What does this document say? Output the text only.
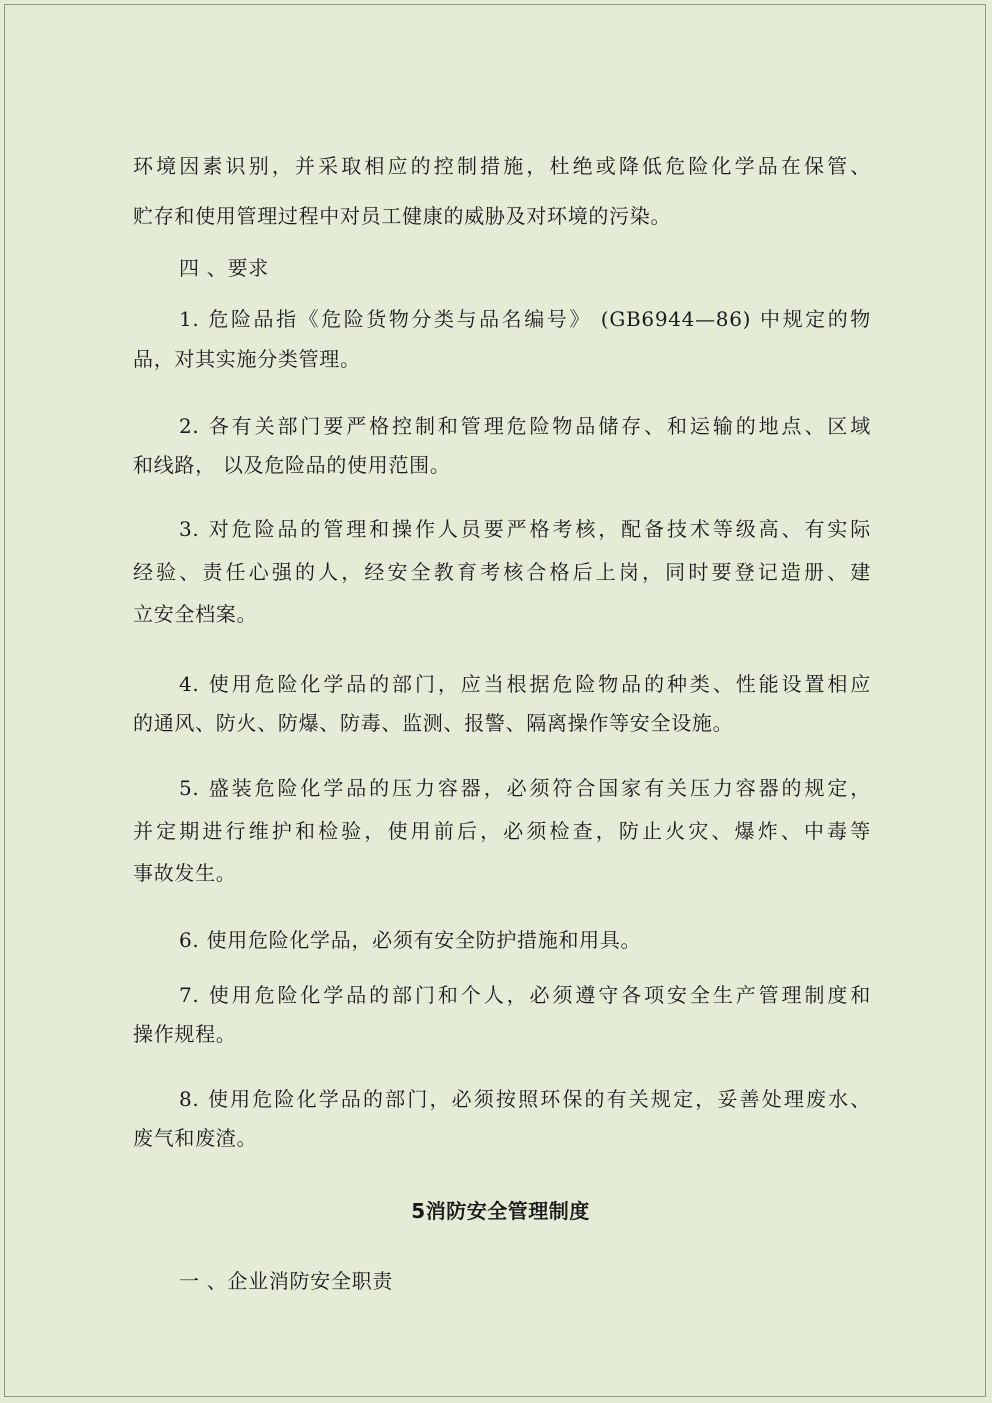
环境因素识别，并采取相应的控制措施，杜绝或降低危险化学品在保管、
贮存和使用管理过程中对员工健康的威胁及对环境的污染。
四 、要求
1. 危险品指《危险货物分类与品名编号》 (GB6944—86) 中规定的物
品，对其实施分类管理。
2. 各有关部门要严格控制和管理危险物品储存、和运输的地点、区域
和线路， 以及危险品的使用范围。
3. 对危险品的管理和操作人员要严格考核，配备技术等级高、有实际
经验、责任心强的人，经安全教育考核合格后上岗，同时要登记造册、建
立安全档案。
4. 使用危险化学品的部门，应当根据危险物品的种类、性能设置相应
的通风、防火、防爆、防毒、监测、报警、隔离操作等安全设施。
5. 盛装危险化学品的压力容器，必须符合国家有关压力容器的规定，
并定期进行维护和检验，使用前后，必须检查，防止火灾、爆炸、中毒等
事故发生。
6. 使用危险化学品，必须有安全防护措施和用具。
7. 使用危险化学品的部门和个人，必须遵守各项安全生产管理制度和
操作规程。
8. 使用危险化学品的部门，必须按照环保的有关规定，妥善处理废水、
废气和废渣。
5消防安全管理制度
一 、企业消防安全职责
